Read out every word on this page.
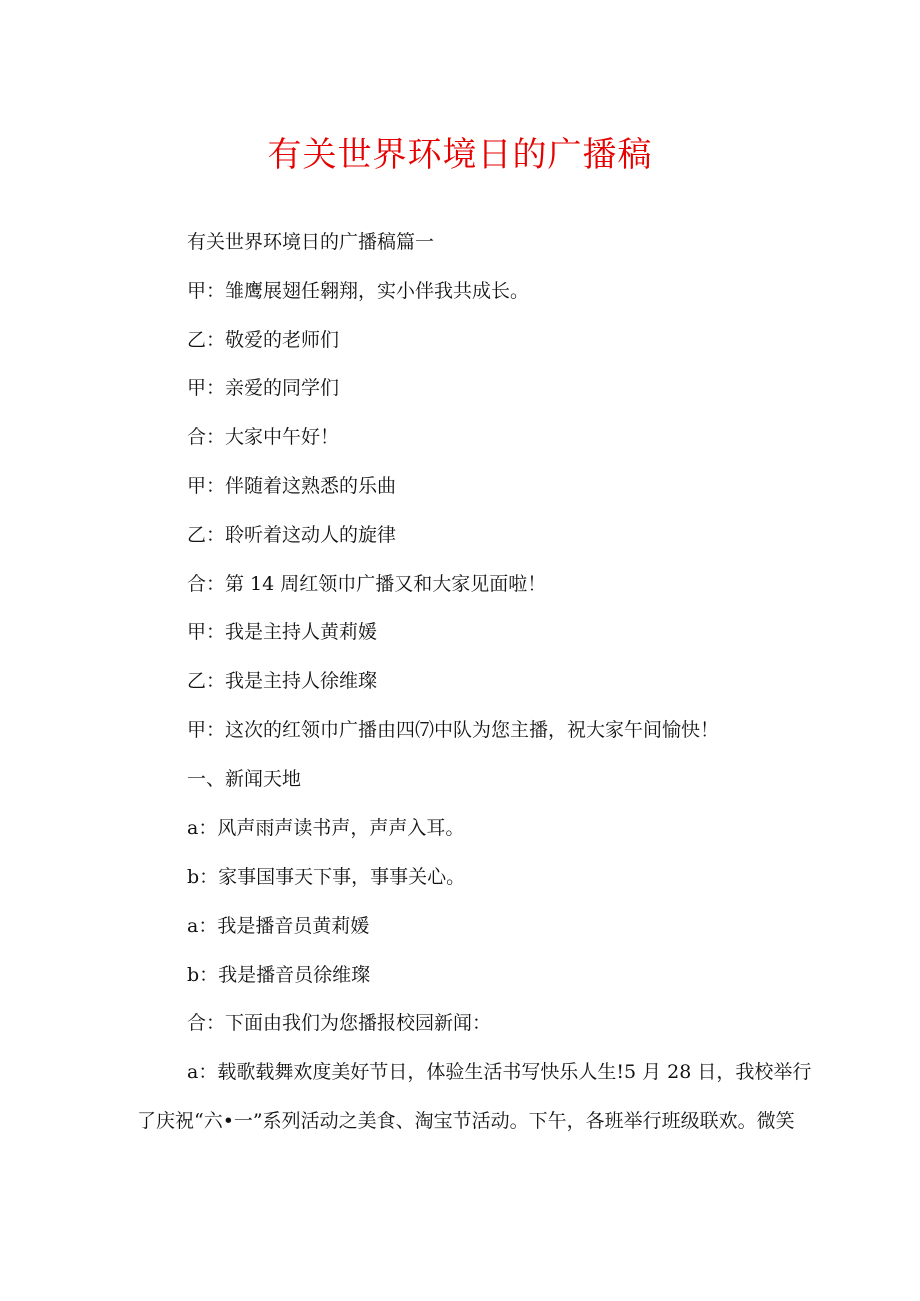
有关世界环境日的广播稿
有关世界环境日的广播稿篇一
甲：雏鹰展翅任翱翔，实小伴我共成长。
乙：敬爱的老师们
甲：亲爱的同学们
合：大家中午好！
甲：伴随着这熟悉的乐曲
乙：聆听着这动人的旋律
合：第 14 周红领巾广播又和大家见面啦！
甲：我是主持人黄莉媛
乙：我是主持人徐维璨
甲：这次的红领巾广播由四⑺中队为您主播，祝大家午间愉快！
一、新闻天地
a：风声雨声读书声，声声入耳。
b：家事国事天下事，事事关心。
a：我是播音员黄莉媛
b：我是播音员徐维璨
合：下面由我们为您播报校园新闻：
a：载歌载舞欢度美好节日，体验生活书写快乐人生!5 月 28 日，我校举行
了庆祝“六•一”系列活动之美食、淘宝节活动。下午，各班举行班级联欢。微笑
